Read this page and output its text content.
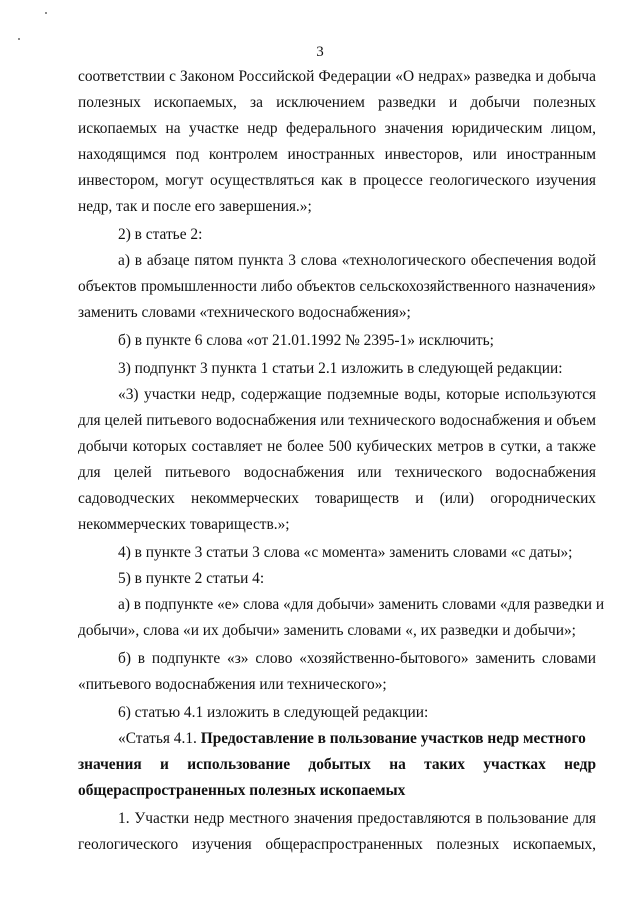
3
соответствии с Законом Российской Федерации «О недрах» разведка и добыча
полезных ископаемых, за исключением разведки и добычи полезных
ископаемых на участке недр федерального значения юридическим лицом,
находящимся под контролем иностранных инвесторов, или иностранным
инвестором, могут осуществляться как в процессе геологического изучения
недр, так и после его завершения.»;
2) в статье 2:
а) в абзаце пятом пункта 3 слова «технологического обеспечения водой
объектов промышленности либо объектов сельскохозяйственного назначения»
заменить словами «технического водоснабжения»;
б) в пункте 6 слова «от 21.01.1992 № 2395-1» исключить;
3) подпункт 3 пункта 1 статьи 2.1 изложить в следующей редакции:
«3) участки недр, содержащие подземные воды, которые используются
для целей питьевого водоснабжения или технического водоснабжения и объем
добычи которых составляет не более 500 кубических метров в сутки, а также
для целей питьевого водоснабжения или технического водоснабжения
садоводческих некоммерческих товариществ и (или) огороднических
некоммерческих товариществ.»;
4) в пункте 3 статьи 3 слова «с момента» заменить словами «с даты»;
5) в пункте 2 статьи 4:
а) в подпункте «е» слова «для добычи» заменить словами «для разведки и
добычи», слова «и их добычи» заменить словами «, их разведки и добычи»;
б) в подпункте «з» слово «хозяйственно-бытового» заменить словами
«питьевого водоснабжения или технического»;
6) статью 4.1 изложить в следующей редакции:
«Статья 4.1. Предоставление в пользование участков недр местного
значения и использование добытых на таких участках недр
общераспространенных полезных ископаемых
1. Участки недр местного значения предоставляются в пользование для
геологического изучения общераспространенных полезных ископаемых,
